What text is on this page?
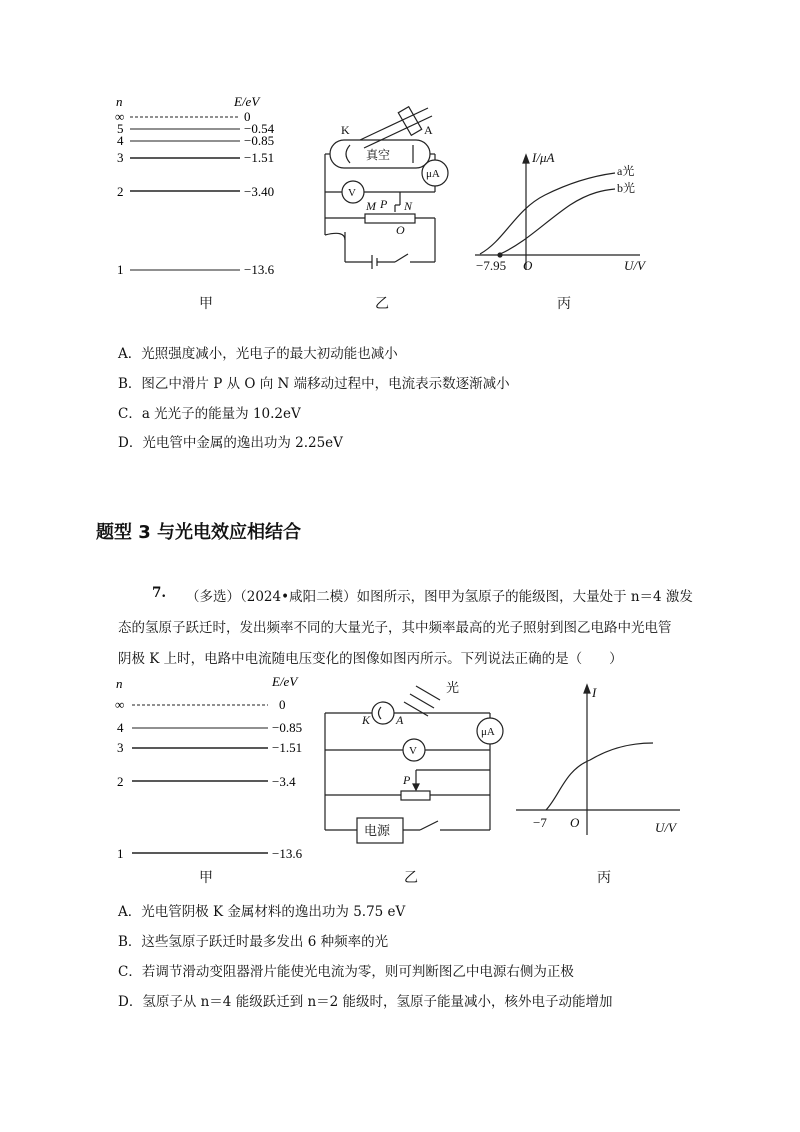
n	E/eV
∞	0
5	−0.54
4	−0.85
3	−1.51
2	−3.40
1	−13.6
K	A
真空
μA
V
M P N
O
I/μA
U/V
O
−7.95
a光
b光
甲	乙	丙
A．光照强度减小，光电子的最大初动能也减小
B．图乙中滑片 P 从 O 向 N 端移动过程中，电流表示数逐渐减小
C．a 光光子的能量为 10.2eV
D．光电管中金属的逸出功为 2.25eV
题型 3 与光电效应相结合
7. （多选）（2024•咸阳二模）如图所示，图甲为氢原子的能级图，大量处于 n＝4 激发
态的氢原子跃迁时，发出频率不同的大量光子，其中频率最高的光子照射到图乙电路中光电管
阴极 K 上时，电路中电流随电压变化的图像如图丙所示。下列说法正确的是（　　）
n	E/eV
∞	0
4	−0.85
3	−1.51
2	−3.4
1	−13.6
光
K A
μA
V
P
电源
I
U/V
O
−7
甲	乙	丙
A．光电管阴极 K 金属材料的逸出功为 5.75 eV
B．这些氢原子跃迁时最多发出 6 种频率的光
C．若调节滑动变阻器滑片能使光电流为零，则可判断图乙中电源右侧为正极
D．氢原子从 n＝4 能级跃迁到 n＝2 能级时，氢原子能量减小，核外电子动能增加
